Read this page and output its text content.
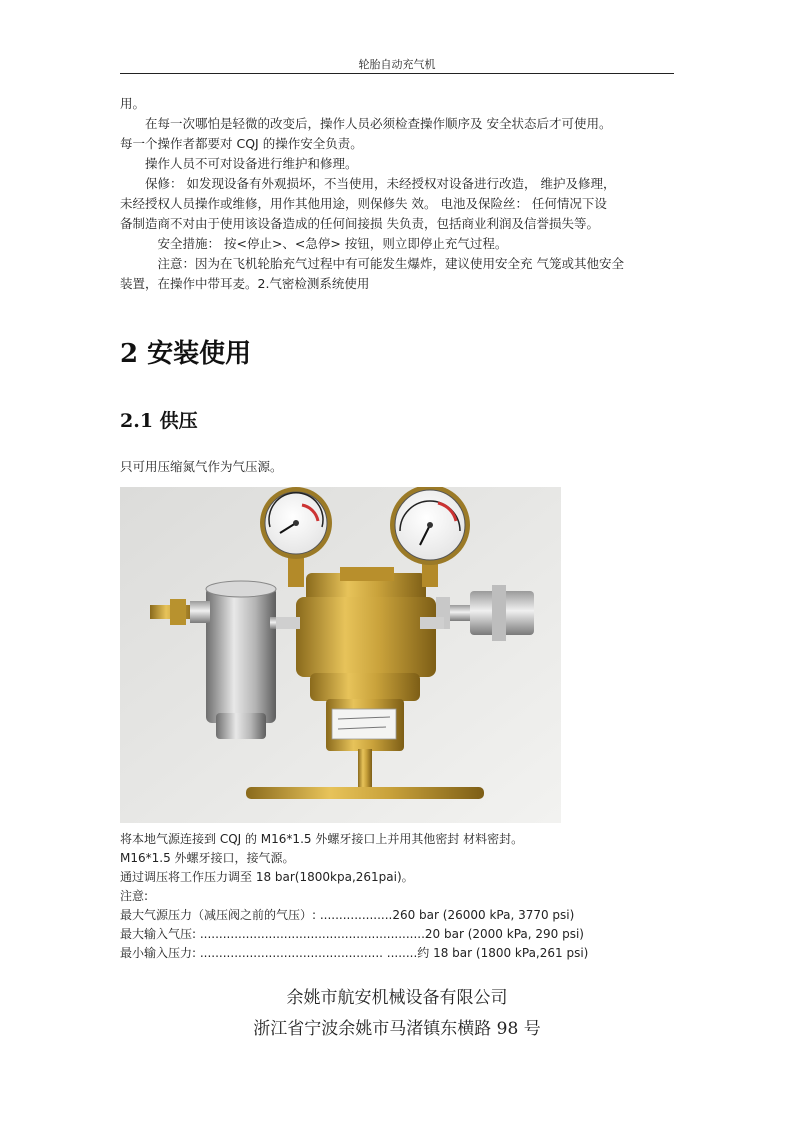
轮胎自动充气机

用。

　　在每一次哪怕是轻微的改变后，操作人员必须检查操作顺序及 安全状态后才可使用。

每一个操作者都要对 CQJ 的操作安全负责。

　　操作人员不可对设备进行维护和修理。

　　保修： 如发现设备有外观损坏，不当使用，未经授权对设备进行改造， 维护及修理，

未经授权人员操作或维修，用作其他用途，则保修失 效。 电池及保险丝： 任何情况下设

备制造商不对由于使用该设备造成的任何间接损 失负责，包括商业利润及信誉损失等。

　　　安全措施： 按<停止>、<急停> 按钮，则立即停止充气过程。

　　　注意：因为在飞机轮胎充气过程中有可能发生爆炸，建议使用安全充 气笼或其他安全

装置，在操作中带耳麦。2.气密检测系统使用

2 安装使用
2.1 供压
只可用压缩氮气作为气压源。

将本地气源连接到 CQJ 的 M16*1.5 外螺牙接口上并用其他密封 材料密封。

M16*1.5 外螺牙接口，接气源。

通过调压将工作压力调至 18 bar(1800kpa,261pai)。

注意:

最大气源压力（减压阀之前的气压）: ...................260 bar (26000 kPa, 3770 psi)

最大输入气压: ...........................................................20 bar (2000 kPa, 290 psi)

最小输入压力: ................................................ ........约 18 bar (1800 kPa,261 psi)

余姚市航安机械设备有限公司
浙江省宁波余姚市马渚镇东横路 98 号
